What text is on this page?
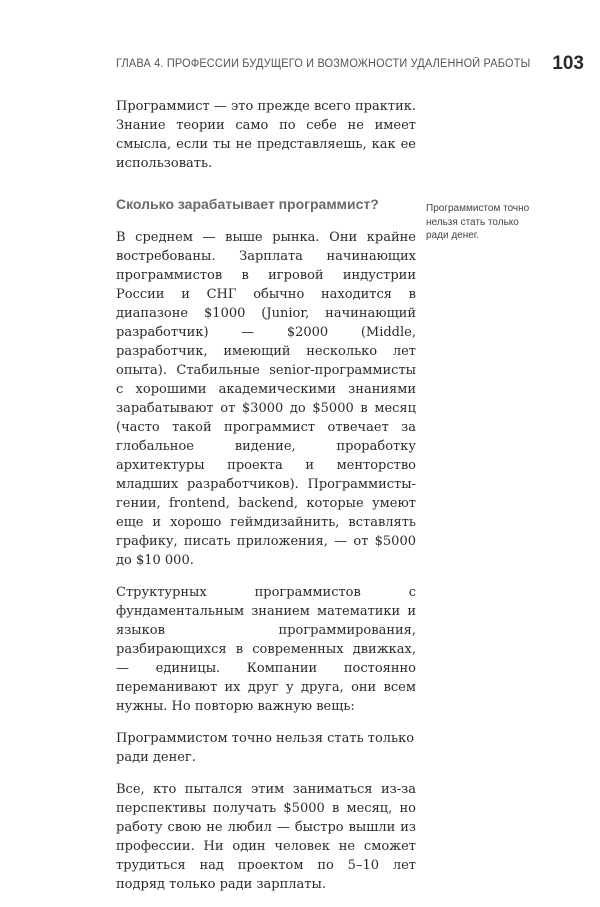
ГЛАВА 4. ПРОФЕССИИ БУДУЩЕГО И ВОЗМОЖНОСТИ УДАЛЕННОЙ РАБОТЫ 103

Программист — это прежде всего практик. Знание теории само по себе не имеет смысла, если ты не представляешь, как ее использовать.

Сколько зарабатывает программист?

В среднем — выше рынка. Они крайне востребованы. Зарплата начинающих программистов в игровой индустрии России и СНГ обычно находится в диапазоне $1000 (Junior, начинающий разработчик) — $2000 (Middle, разработчик, имеющий несколько лет опыта). Стабильные senior-программисты с хорошими академическими знаниями зарабатывают от $3000 до $5000 в месяц (часто такой программист отвечает за глобальное видение, проработку архитектуры проекта и менторство младших разработчиков). Программисты-гении, frontend, backend, которые умеют еще и хорошо геймдизайнить, вставлять графику, писать приложения, — от $5000 до $10 000.

Структурных программистов с фундаментальным знанием математики и языков программирования, разбирающихся в современных движках, — единицы. Компании постоянно переманивают их друг у друга, они всем нужны. Но повторю важную вещь:

Программистом точно нельзя стать только ради денег.

Все, кто пытался этим заниматься из-за перспективы получать $5000 в месяц, но работу свою не любил — быстро вышли из профессии. Ни один человек не сможет трудиться над проектом по 5–10 лет подряд только ради зарплаты.

Программистом точно нельзя стать только ради денег.
